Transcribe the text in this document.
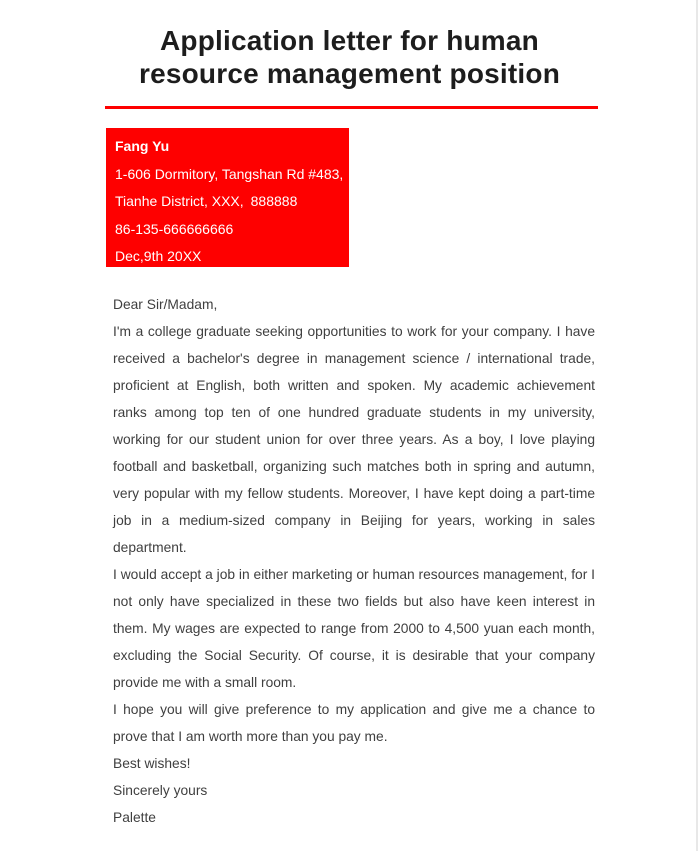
Application letter for human
resource management position
Fang Yu
1-606 Dormitory, Tangshan Rd #483,
Tianhe District, XXX, 888888
86-135-666666666
Dec,9th 20XX
Dear Sir/Madam,
I'm a college graduate seeking opportunities to work for your company. I have
received a bachelor's degree in management science / international trade,
proficient at English, both written and spoken. My academic achievement
ranks among top ten of one hundred graduate students in my university,
working for our student union for over three years. As a boy, I love playing
football and basketball, organizing such matches both in spring and autumn,
very popular with my fellow students. Moreover, I have kept doing a part-time
job in a medium-sized company in Beijing for years, working in sales
department.
I would accept a job in either marketing or human resources management, for I
not only have specialized in these two fields but also have keen interest in
them. My wages are expected to range from 2000 to 4,500 yuan each month,
excluding the Social Security. Of course, it is desirable that your company
provide me with a small room.
I hope you will give preference to my application and give me a chance to
prove that I am worth more than you pay me.
Best wishes!
Sincerely yours
Palette
